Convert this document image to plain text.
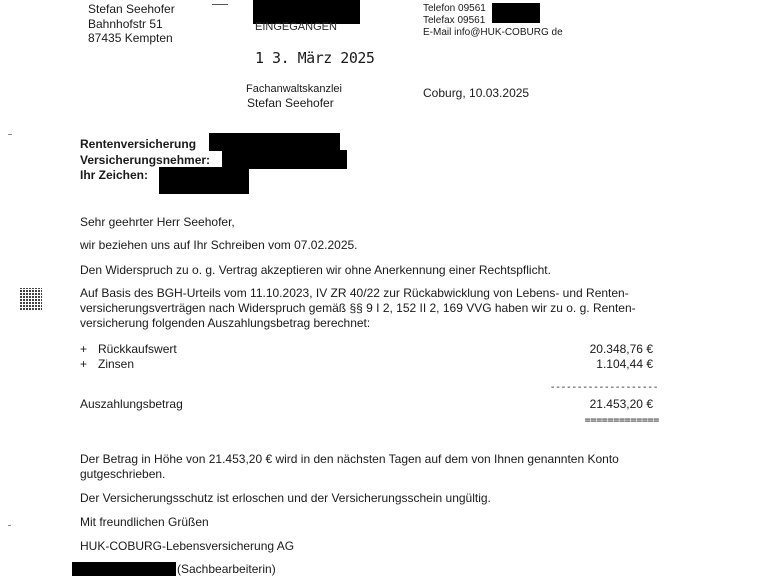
Stefan Seehofer
Bahnhofstr 51
87435 Kempten
EINGEGANGEN
1 3. März 2025
Fachanwaltskanzlei
Stefan Seehofer
Telefon 09561
Telefax 09561
E-Mail info@HUK-COBURG de
Coburg, 10.03.2025
Rentenversicherung
Versicherungsnehmer:
Ihr Zeichen:
Sehr geehrter Herr Seehofer,
wir beziehen uns auf Ihr Schreiben vom 07.02.2025.
Den Widerspruch zu o. g. Vertrag akzeptieren wir ohne Anerkennung einer Rechtspflicht.
Auf Basis des BGH-Urteils vom 11.10.2023, IV ZR 40/22 zur Rückabwicklung von Lebens- und Renten-versicherungsverträgen nach Widerspruch gemäß §§ 9 I 2, 152 II 2, 169 VVG haben wir zu o. g. Renten-versicherung folgenden Auszahlungsbetrag berechnet:
+ Rückkaufswert	20.348,76 €
+ Zinsen	1.104,44 €
--------------------
Auszahlungsbetrag	21.453,20 €
=============
Der Betrag in Höhe von 21.453,20 € wird in den nächsten Tagen auf dem von Ihnen genannten Konto gutgeschrieben.
Der Versicherungsschutz ist erloschen und der Versicherungsschein ungültig.
Mit freundlichen Grüßen
HUK-COBURG-Lebensversicherung AG
(Sachbearbeiterin)
